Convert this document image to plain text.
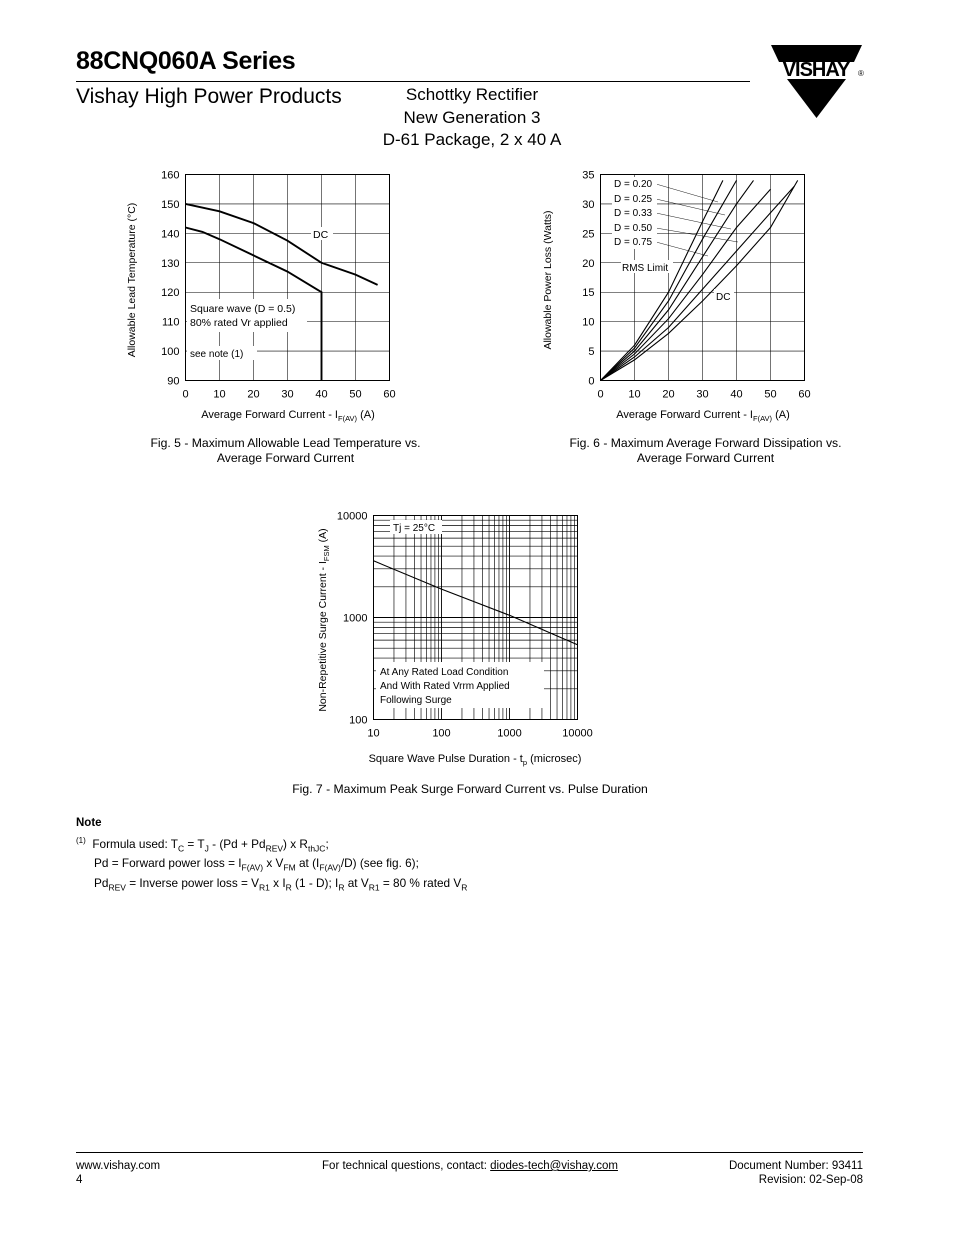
88CNQ060A Series
Vishay High Power Products	Schottky Rectifier
New Generation 3
D-61 Package, 2 x 40 A
VISHAY ®
0 10 20 30 40 50 60
90
100
110
120
130
140
150
160
DC
Square wave (D = 0.5)
80% rated Vr applied
see note (1)
Allowable Lead Temperature (°C)
Average Forward Current - $I_{F(AV)}$ (A)
Fig. 5 - Maximum Allowable Lead Temperature vs.
Average Forward Current
0 10 20 30 40 50 60
0
5
10
15
20
25
30
35
D = 0.20
D = 0.25
D = 0.33
D = 0.50
D = 0.75
RMS Limit
DC
Allowable Power Loss (Watts)
Average Forward Current - $I_{F(AV)}$ (A)
Fig. 6 - Maximum Average Forward Dissipation vs.
Average Forward Current
10	100	1000	10000
100
1000
10000
Tj = 25°C
At Any Rated Load Condition
And With Rated Vrrm Applied
Following Surge
Non-Repetitive Surge Current - $I_{FSM}$ (A)
Square Wave Pulse Duration - $t_p$ (microsec)
Fig. 7 - Maximum Peak Surge Forward Current vs. Pulse Duration
Note
$^{(1)}$ Formula used: $T_C = T_J - (Pd + Pd_{REV})$ x $R_{thJC}$;
Pd = Forward power loss = $I_{F(AV)}$ x $V_{FM}$ at $(I_{F(AV)}/D)$ (see fig. 6);
$Pd_{REV}$ = Inverse power loss = $V_{R1}$ x $I_R$ (1 - D); $I_R$ at $V_{R1} = 80$ % rated $V_R$
www.vishay.com
4
For technical questions, contact: diodes-tech@vishay.com	Document Number: 93411
Revision: 02-Sep-08
